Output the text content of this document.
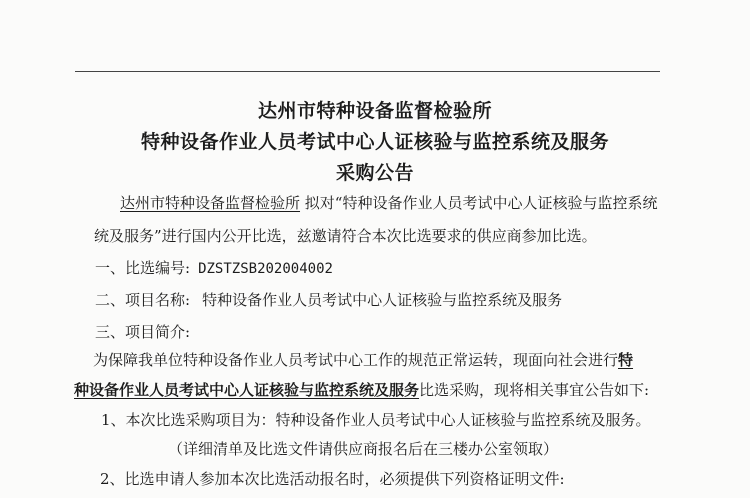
达州市特种设备监督检验所
特种设备作业人员考试中心人证核验与监控系统及服务
采购公告
达州市特种设备监督检验所 拟对“特种设备作业人员考试中心人证核验与监控系统
统及服务”进行国内公开比选，兹邀请符合本次比选要求的供应商参加比选。
一、比选编号: DZSTZSB202004002
二、项目名称: 特种设备作业人员考试中心人证核验与监控系统及服务
三、项目简介:
为保障我单位特种设备作业人员考试中心工作的规范正常运转，现面向社会进行特
种设备作业人员考试中心人证核验与监控系统及服务比选采购，现将相关事宜公告如下:
1、本次比选采购项目为：特种设备作业人员考试中心人证核验与监控系统及服务。
（详细清单及比选文件请供应商报名后在三楼办公室领取）
2、比选申请人参加本次比选活动报名时，必须提供下列资格证明文件:
